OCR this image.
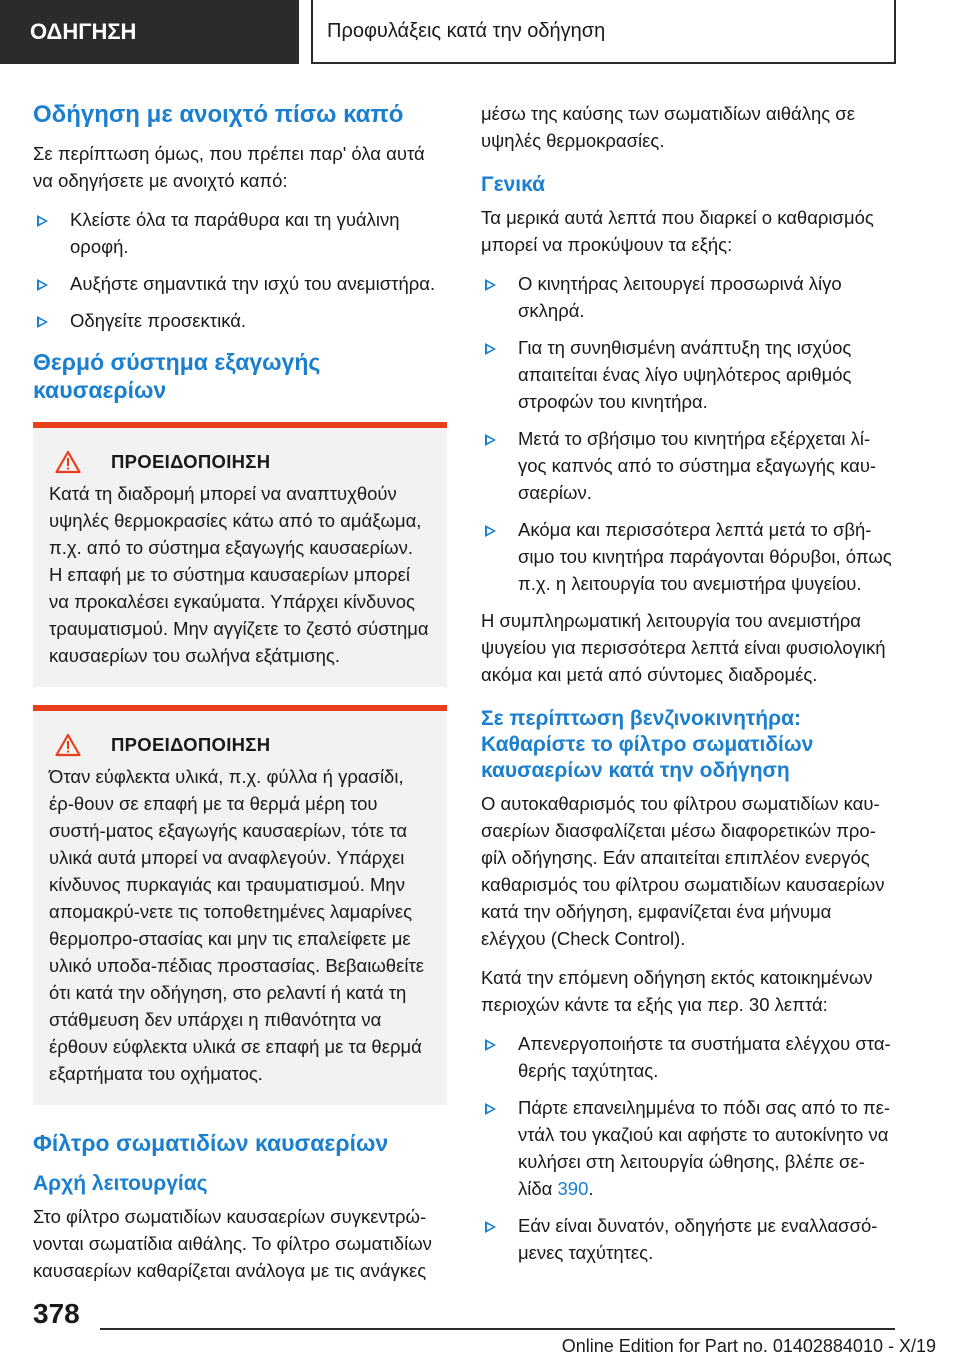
ΟΔΗΓΗΣΗ	Προφυλάξεις κατά την οδήγηση
Οδήγηση με ανοιχτό πίσω καπό

Σε περίπτωση όμως, που πρέπει παρ' όλα αυτά να οδηγήσετε με ανοιχτό καπό:

Κλείστε όλα τα παράθυρα και τη γυάλινη οροφή.
Αυξήστε σημαντικά την ισχύ του ανεμιστήρα.
Οδηγείτε προσεκτικά.
Θερμό σύστημα εξαγωγής καυσαερίων
ΠΡΟΕΙΔΟΠΟΙΗΣΗ

Κατά τη διαδρομή μπορεί να αναπτυχθούν υψηλές θερμοκρασίες κάτω από το αμάξωμα, π.χ. από το σύστημα εξαγωγής καυσαερίων. Η επαφή με το σύστημα καυσαερίων μπορεί να προκαλέσει εγκαύματα. Υπάρχει κίνδυνος τραυματισμού. Μην αγγίζετε το ζεστό σύστημα καυσαερίων του σωλήνα εξάτμισης.

ΠΡΟΕΙΔΟΠΟΙΗΣΗ

Όταν εύφλεκτα υλικά, π.χ. φύλλα ή γρασίδι, έρ-θουν σε επαφή με τα θερμά μέρη του συστή-ματος εξαγωγής καυσαερίων, τότε τα υλικά αυτά μπορεί να αναφλεγούν. Υπάρχει κίνδυνος πυρκαγιάς και τραυματισμού. Μην απομακρύ-νετε τις τοποθετημένες λαμαρίνες θερμοπρο-στασίας και μην τις επαλείφετε με υλικό υποδα-πέδιας προστασίας. Βεβαιωθείτε ότι κατά την οδήγηση, στο ρελαντί ή κατά τη στάθμευση δεν υπάρχει η πιθανότητα να έρθουν εύφλεκτα υλικά σε επαφή με τα θερμά εξαρτήματα του οχήματος.

Φίλτρο σωματιδίων καυσαερίων
Αρχή λειτουργίας

Στο φίλτρο σωματιδίων καυσαερίων συγκεντρώ-νονται σωματίδια αιθάλης. Το φίλτρο σωματιδίων καυσαερίων καθαρίζεται ανάλογα με τις ανάγκες

μέσω της καύσης των σωματιδίων αιθάλης σε υψηλές θερμοκρασίες.

Γενικά

Τα μερικά αυτά λεπτά που διαρκεί ο καθαρισμός μπορεί να προκύψουν τα εξής:

Ο κινητήρας λειτουργεί προσωρινά λίγο σκληρά.
Για τη συνηθισμένη ανάπτυξη της ισχύος απαιτείται ένας λίγο υψηλότερος αριθμός στροφών του κινητήρα.
Μετά το σβήσιμο του κινητήρα εξέρχεται λί-γος καπνός από το σύστημα εξαγωγής καυ-σαερίων.
Ακόμα και περισσότερα λεπτά μετά το σβή-σιμο του κινητήρα παράγονται θόρυβοι, όπως π.χ. η λειτουργία του ανεμιστήρα ψυγείου.

Η συμπληρωματική λειτουργία του ανεμιστήρα ψυγείου για περισσότερα λεπτά είναι φυσιολογική ακόμα και μετά από σύντομες διαδρομές.

Σε περίπτωση βενζινοκινητήρα: Καθαρίστε το φίλτρο σωματιδίων καυσαερίων κατά την οδήγηση

Ο αυτοκαθαρισμός του φίλτρου σωματιδίων καυ-σαερίων διασφαλίζεται μέσω διαφορετικών προ-φίλ οδήγησης. Εάν απαιτείται επιπλέον ενεργός καθαρισμός του φίλτρου σωματιδίων καυσαερίων κατά την οδήγηση, εμφανίζεται ένα μήνυμα ελέγχου (Check Control).

Κατά την επόμενη οδήγηση εκτός κατοικημένων περιοχών κάντε τα εξής για περ. 30 λεπτά:

Απενεργοποιήστε τα συστήματα ελέγχου στα-θερής ταχύτητας.
Πάρτε επανειλημμένα το πόδι σας από το πε-ντάλ του γκαζιού και αφήστε το αυτοκίνητο να κυλήσει στη λειτουργία ώθησης, βλέπε σε-λίδα 390.
Εάν είναι δυνατόν, οδηγήστε με εναλλασσό-μενες ταχύτητες.
378
Online Edition for Part no. 01402884010 - X/19
